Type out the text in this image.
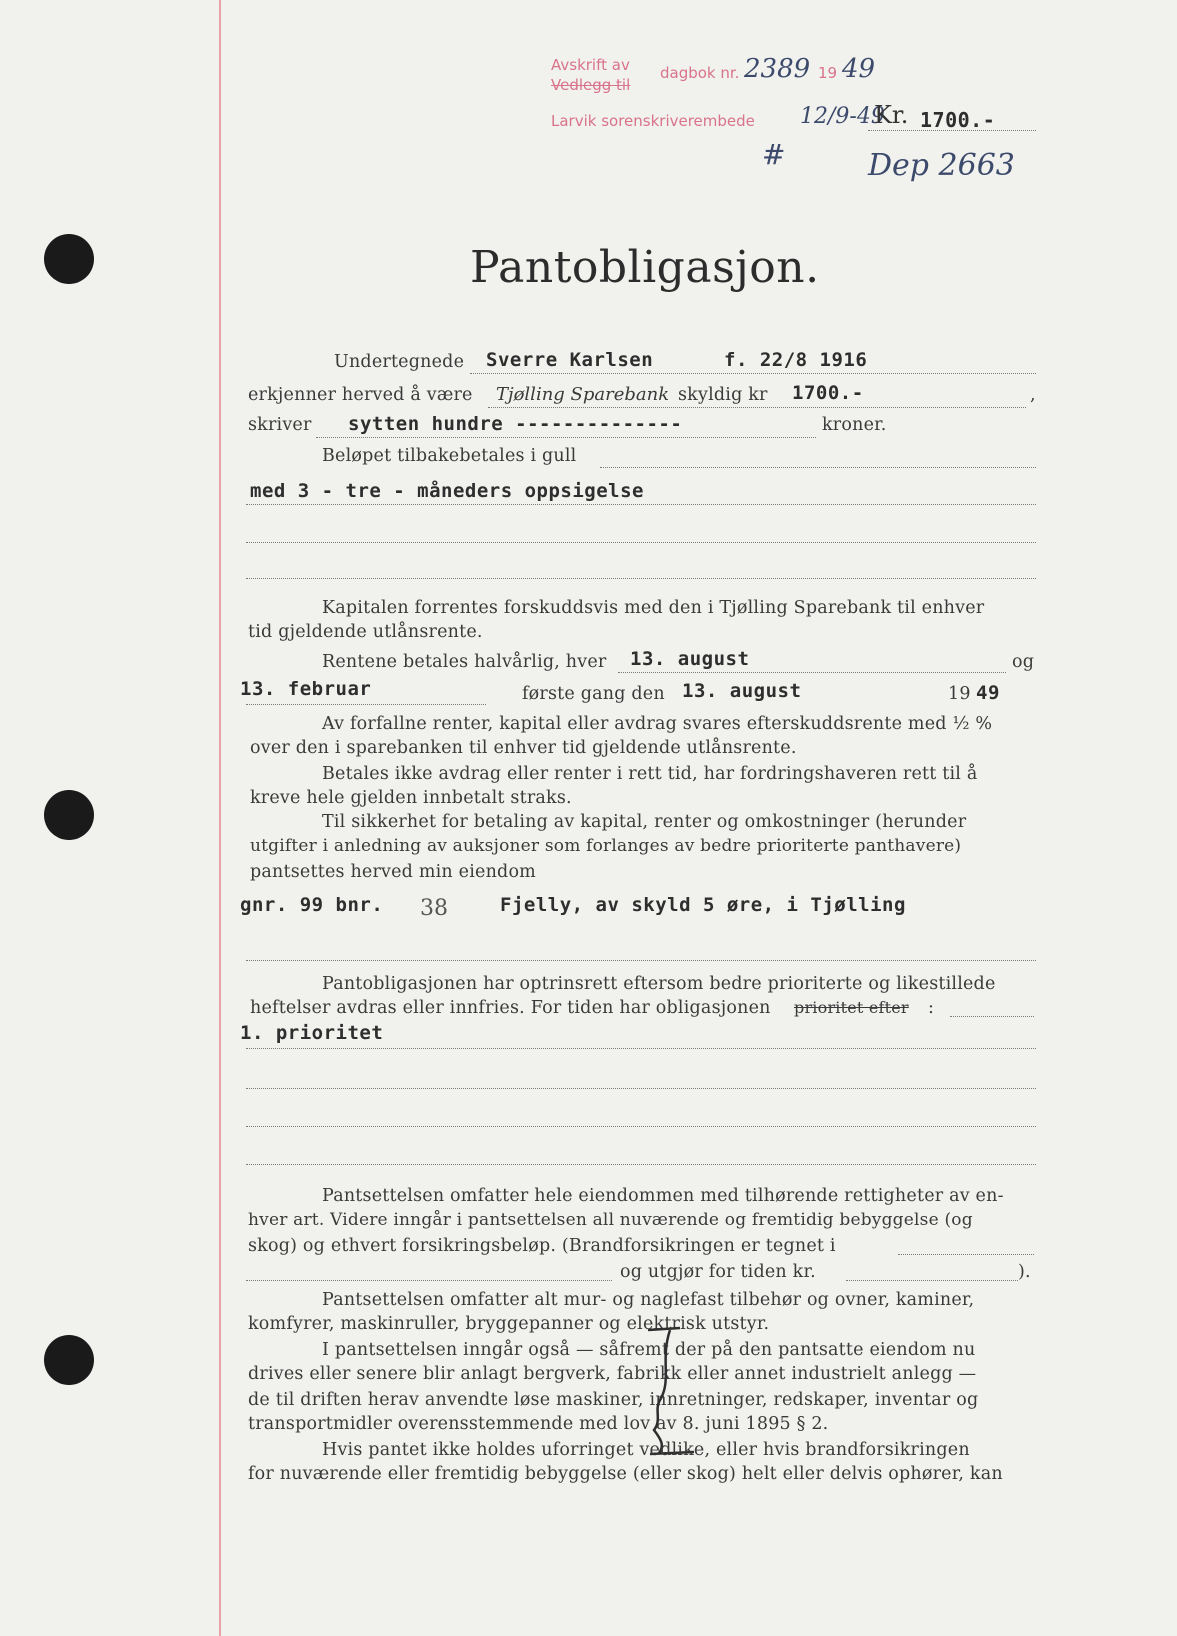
Avskrift av
Vedlegg til
dagbok nr. 2389 19 49
Larvik sorenskriverembede 12/9-49
Kr. 1700.-
#	Dep 2663
Pantobligasjon.
Undertegnede Sverre Karlsen	f. 22/8 1916
erkjenner herved å være Tjølling Sparebank skyldig kr 1700.-	,
skriver sytten hundre --------------	kroner.
Beløpet tilbakebetales i gull
med 3 - tre - måneders oppsigelse
Kapitalen forrentes forskuddsvis med den i Tjølling Sparebank til enhver
tid gjeldende utlånsrente.
Rentene betales halvårlig, hver 13. august	og
13. februar	første gang den 13. august	19 49
Av forfallne renter, kapital eller avdrag svares efterskuddsrente med ½ %
over den i sparebanken til enhver tid gjeldende utlånsrente.
Betales ikke avdrag eller renter i rett tid, har fordringshaveren rett til å
kreve hele gjelden innbetalt straks.
Til sikkerhet for betaling av kapital, renter og omkostninger (herunder
utgifter i anledning av auksjoner som forlanges av bedre prioriterte panthavere)
pantsettes herved min eiendom
gnr. 99 bnr. 38	Fjelly, av skyld 5 øre, i Tjølling
Pantobligasjonen har optrinsrett eftersom bedre prioriterte og likestillede
heftelser avdras eller innfries. For tiden har obligasjonen prioritet efter :
1. prioritet
Pantsettelsen omfatter hele eiendommen med tilhørende rettigheter av en-
hver art. Videre inngår i pantsettelsen all nuværende og fremtidig bebyggelse (og
skog) og ethvert forsikringsbeløp. (Brandforsikringen er tegnet i
og utgjør for tiden kr.	).
Pantsettelsen omfatter alt mur- og naglefast tilbehør og ovner, kaminer,
komfyrer, maskinruller, bryggepanner og elektrisk utstyr.
I pantsettelsen inngår også — såfremt der på den pantsatte eiendom nu
drives eller senere blir anlagt bergverk, fabrikk eller annet industrielt anlegg —
de til driften herav anvendte løse maskiner, innretninger, redskaper, inventar og
transportmidler overensstemmende med lov av 8. juni 1895 § 2.
Hvis pantet ikke holdes uforringet vedlike, eller hvis brandforsikringen
for nuværende eller fremtidig bebyggelse (eller skog) helt eller delvis ophører, kan
